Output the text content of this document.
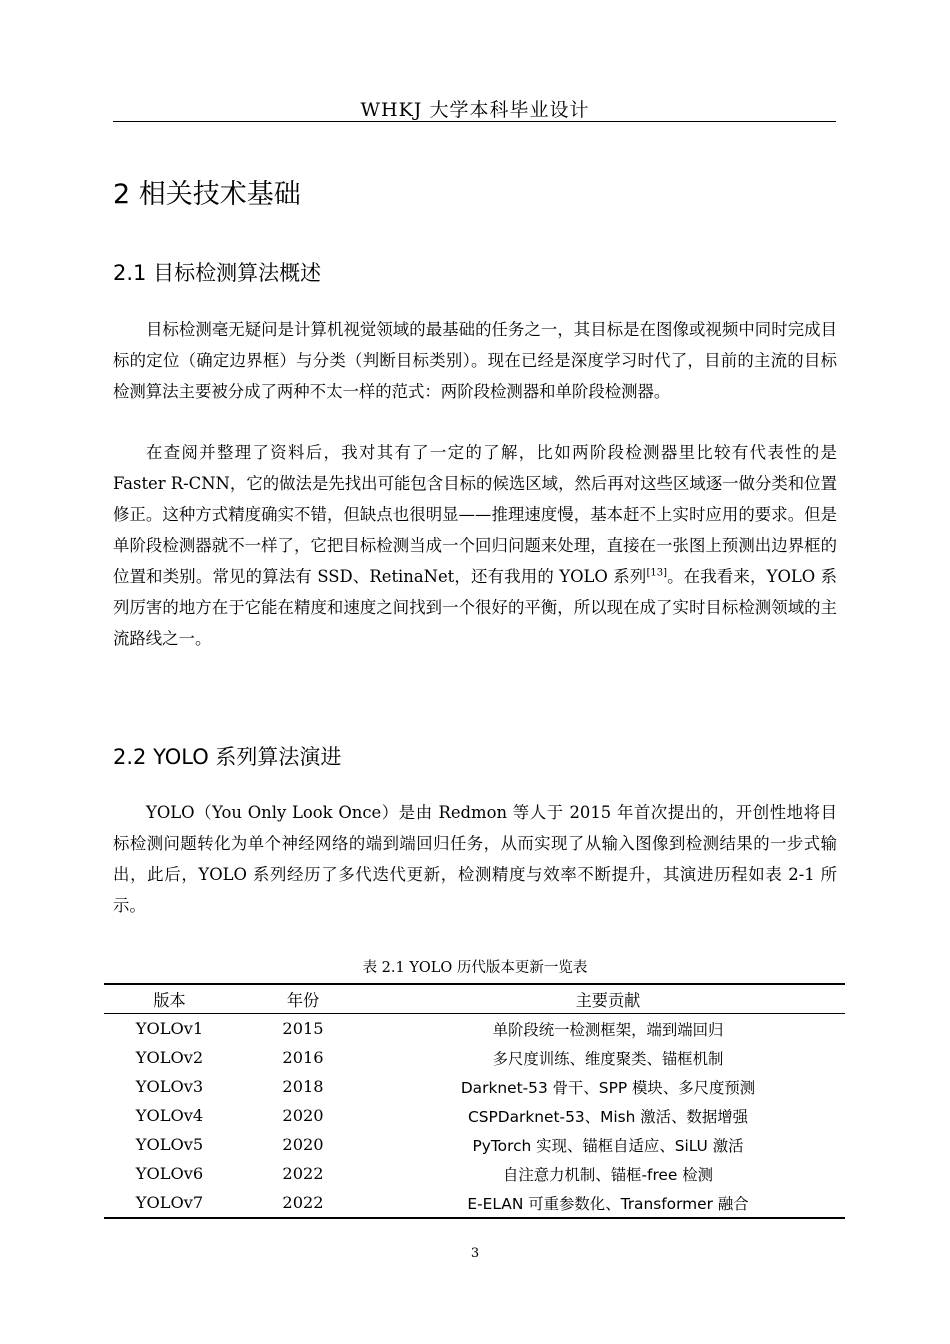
WHKJ 大学本科毕业设计
2 相关技术基础
2.1 目标检测算法概述

目标检测毫无疑问是计算机视觉领域的最基础的任务之一，其目标是在图像或视频中同时完成目标的定位（确定边界框）与分类（判断目标类别）。现在已经是深度学习时代了，目前的主流的目标检测算法主要被分成了两种不太一样的范式：两阶段检测器和单阶段检测器。

在查阅并整理了资料后，我对其有了一定的了解，比如两阶段检测器里比较有代表性的是 Faster R-CNN，它的做法是先找出可能包含目标的候选区域，然后再对这些区域逐一做分类和位置修正。这种方式精度确实不错，但缺点也很明显——推理速度慢，基本赶不上实时应用的要求。但是单阶段检测器就不一样了，它把目标检测当成一个回归问题来处理，直接在一张图上预测出边界框的位置和类别。常见的算法有 SSD、RetinaNet，还有我用的 YOLO 系列[13]。在我看来，YOLO 系列厉害的地方在于它能在精度和速度之间找到一个很好的平衡，所以现在成了实时目标检测领域的主流路线之一。

2.2 YOLO 系列算法演进

YOLO（You Only Look Once）是由 Redmon 等人于 2015 年首次提出的，开创性地将目标检测问题转化为单个神经网络的端到端回归任务，从而实现了从输入图像到检测结果的一步式输出，此后，YOLO 系列经历了多代迭代更新，检测精度与效率不断提升，其演进历程如表 2-1 所示。

表 2.1 YOLO 历代版本更新一览表
版本	年份	主要贡献
YOLOv1	2015	单阶段统一检测框架，端到端回归
YOLOv2	2016	多尺度训练、维度聚类、锚框机制
YOLOv3	2018	Darknet-53 骨干、SPP 模块、多尺度预测
YOLOv4	2020	CSPDarknet-53、Mish 激活、数据增强
YOLOv5	2020	PyTorch 实现、锚框自适应、SiLU 激活
YOLOv6	2022	自注意力机制、锚框-free 检测
YOLOv7	2022	E-ELAN 可重参数化、Transformer 融合
3
